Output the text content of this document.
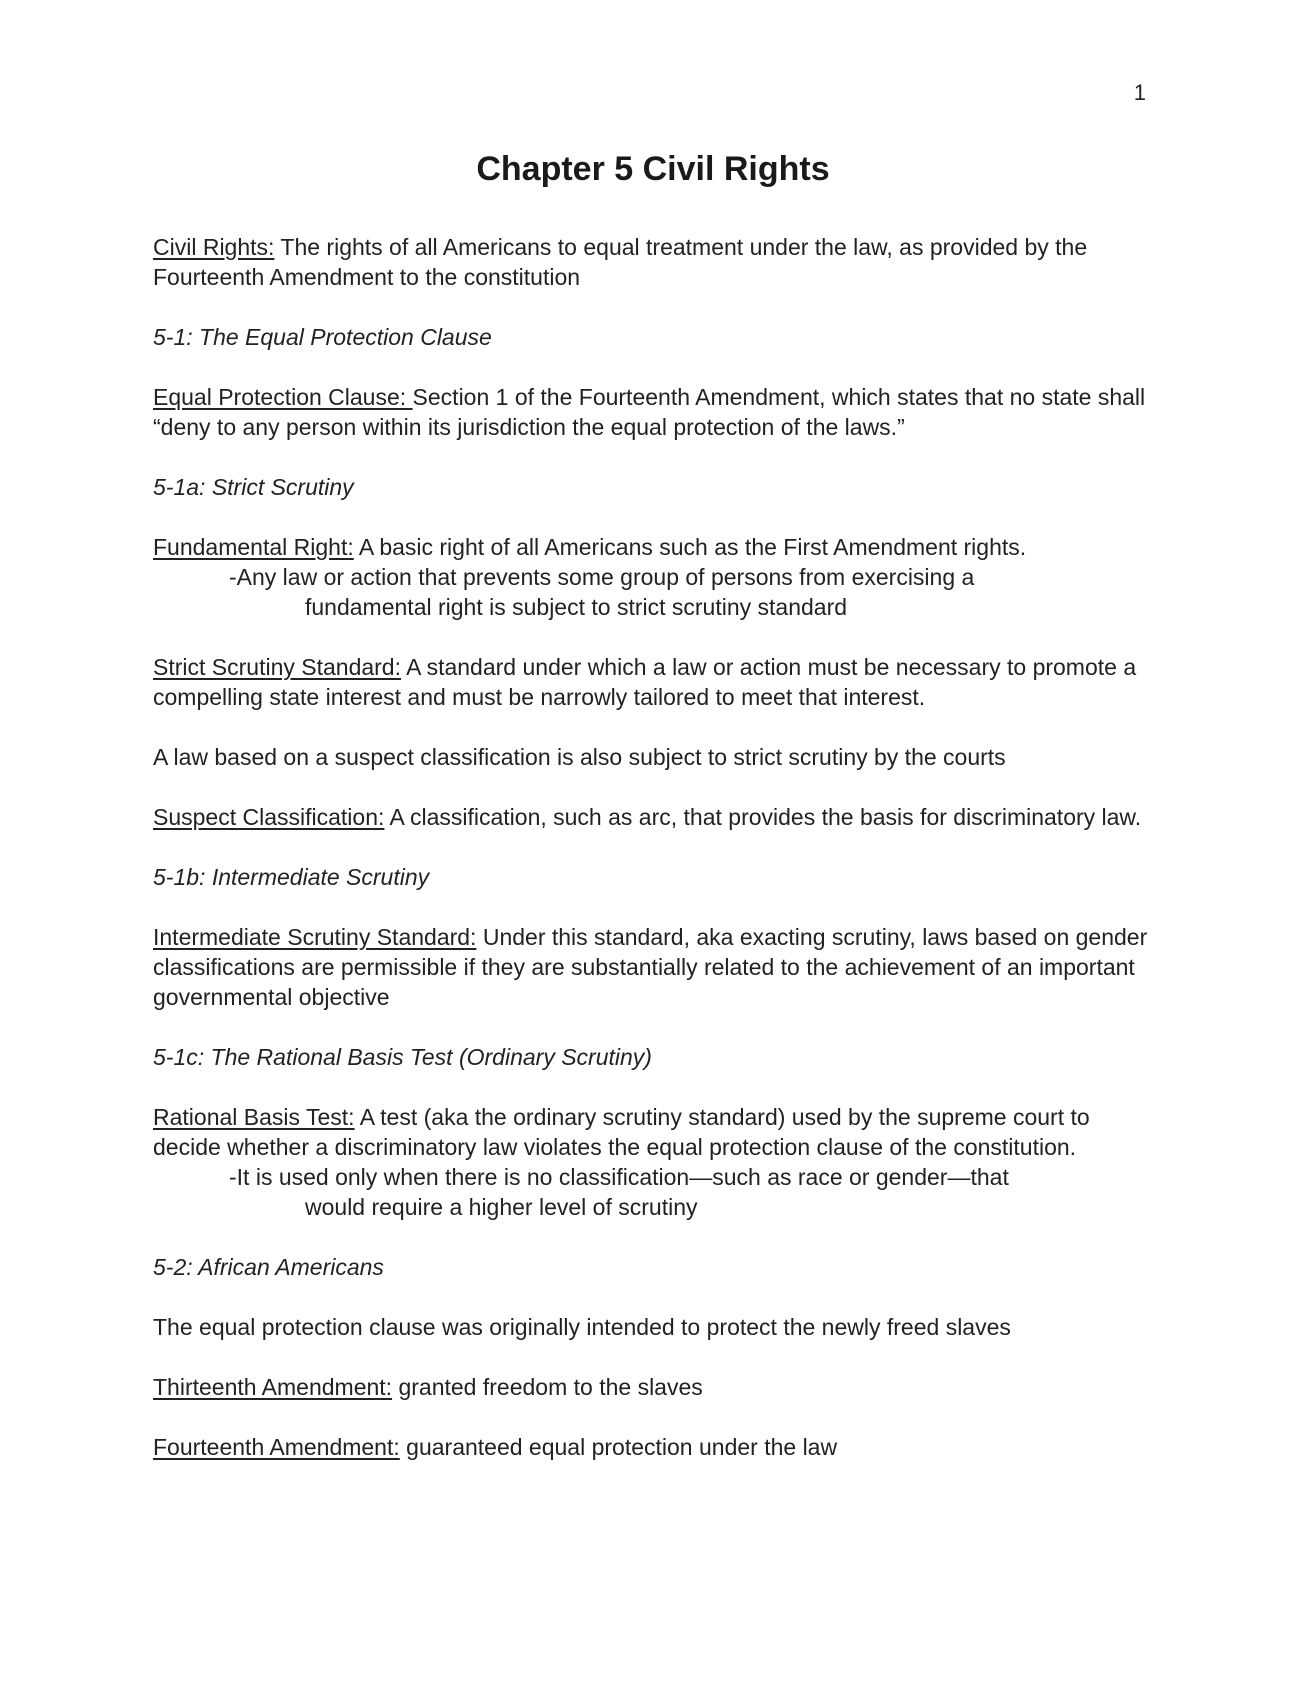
1
Chapter 5 Civil Rights

Civil Rights: The rights of all Americans to equal treatment under the law, as provided by the Fourteenth Amendment to the constitution

5-1: The Equal Protection Clause

Equal Protection Clause: Section 1 of the Fourteenth Amendment, which states that no state shall “deny to any person within its jurisdiction the equal protection of the laws.”

5-1a: Strict Scrutiny

Fundamental Right: A basic right of all Americans such as the First Amendment rights.

-Any law or action that prevents some group of persons from exercising a
fundamental right is subject to strict scrutiny standard

Strict Scrutiny Standard: A standard under which a law or action must be necessary to promote a compelling state interest and must be narrowly tailored to meet that interest.

A law based on a suspect classification is also subject to strict scrutiny by the courts

Suspect Classification: A classification, such as arc, that provides the basis for discriminatory law.

5-1b: Intermediate Scrutiny

Intermediate Scrutiny Standard: Under this standard, aka exacting scrutiny, laws based on gender classifications are permissible if they are substantially related to the achievement of an important governmental objective

5-1c: The Rational Basis Test (Ordinary Scrutiny)

Rational Basis Test: A test (aka the ordinary scrutiny standard) used by the supreme court to decide whether a discriminatory law violates the equal protection clause of the constitution.

-It is used only when there is no classification—such as race or gender—that
would require a higher level of scrutiny

5-2: African Americans

The equal protection clause was originally intended to protect the newly freed slaves

Thirteenth Amendment: granted freedom to the slaves

Fourteenth Amendment: guaranteed equal protection under the law
